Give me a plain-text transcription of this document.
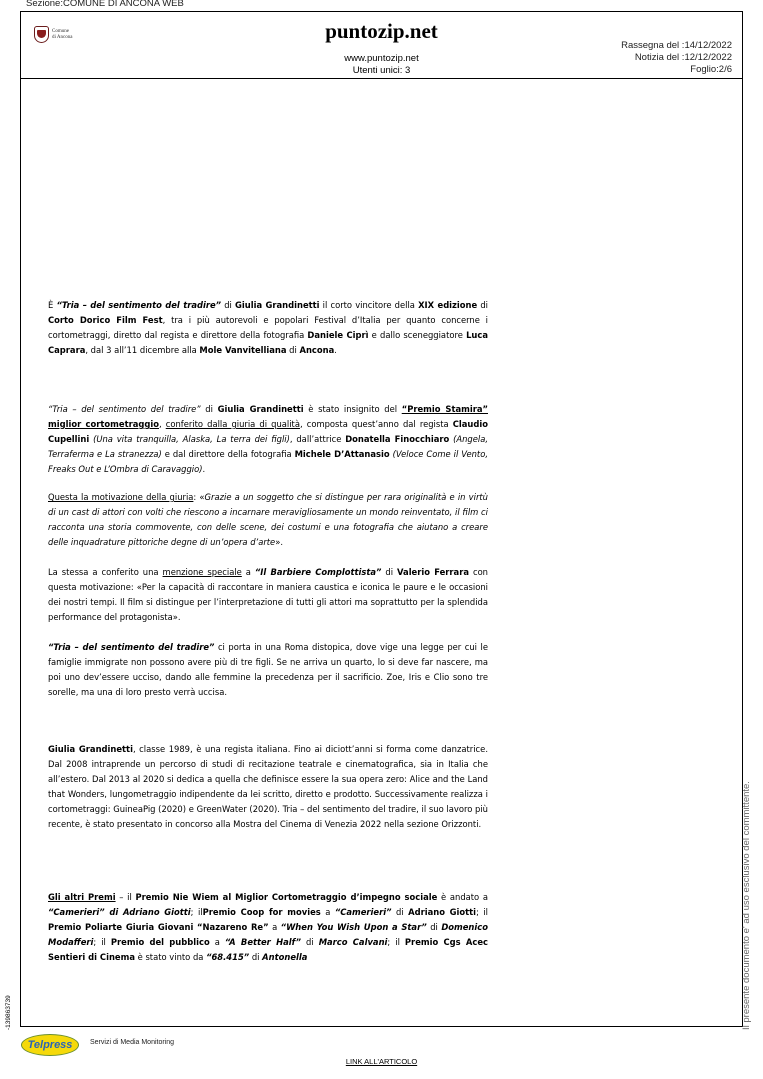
Sezione:COMUNE DI ANCONA WEB
Comune
di Ancona	puntozip.net
www.puntozip.net
Utenti unici: 3
Rassegna del :14/12/2022
Notizia del :12/12/2022
Foglio:2/6

È “Tria – del sentimento del tradire” di Giulia Grandinetti il corto vincitore della XIX edizione di Corto Dorico Film Fest, tra i più autorevoli e popolari Festival d’Italia per quanto concerne i cortometraggi, diretto dal regista e direttore della fotografia Daniele Ciprì e dallo sceneggiatore Luca Caprara, dal 3 all’11 dicembre alla Mole Vanvitelliana di Ancona.

“Tria – del sentimento del tradire” di Giulia Grandinetti è stato insignito del “Premio Stamira” miglior cortometraggio, conferito dalla giuria di qualità, composta quest’anno dal regista Claudio Cupellini (Una vita tranquilla, Alaska, La terra dei figli), dall’attrice Donatella Finocchiaro (Angela, Terraferma e La stranezza) e dal direttore della fotografia Michele D’Attanasio (Veloce Come il Vento, Freaks Out e L’Ombra di Caravaggio).

Questa la motivazione della giuria: «Grazie a un soggetto che si distingue per rara originalità e in virtù di un cast di attori con volti che riescono a incarnare meravigliosamente un mondo reinventato, il film ci racconta una storia commovente, con delle scene, dei costumi e una fotografia che aiutano a creare delle inquadrature pittoriche degne di un’opera d’arte».

La stessa a conferito una menzione speciale a “Il Barbiere Complottista” di Valerio Ferrara con questa motivazione: «Per la capacità di raccontare in maniera caustica e iconica le paure e le occasioni dei nostri tempi. Il film si distingue per l’interpretazione di tutti gli attori ma soprattutto per la splendida performance del protagonista».

“Tria – del sentimento del tradire” ci porta in una Roma distopica, dove vige una legge per cui le famiglie immigrate non possono avere più di tre figli. Se ne arriva un quarto, lo si deve far nascere, ma poi uno dev’essere ucciso, dando alle femmine la precedenza per il sacrificio. Zoe, Iris e Clio sono tre sorelle, ma una di loro presto verrà uccisa.

Giulia Grandinetti, classe 1989, è una regista italiana. Fino ai diciott’anni si forma come danzatrice. Dal 2008 intraprende un percorso di studi di recitazione teatrale e cinematografica, sia in Italia che all’estero. Dal 2013 al 2020 si dedica a quella che definisce essere la sua opera zero: Alice and the Land that Wonders, lungometraggio indipendente da lei scritto, diretto e prodotto. Successivamente realizza i cortometraggi: GuineaPig (2020) e GreenWater (2020). Tria – del sentimento del tradire, il suo lavoro più recente, è stato presentato in concorso alla Mostra del Cinema di Venezia 2022 nella sezione Orizzonti.

Gli altri Premi – il Premio Nie Wiem al Miglior Cortometraggio d’impegno sociale è andato a “Camerieri” di Adriano Giotti; ilPremio Coop for movies a “Camerieri” di Adriano Giotti; il Premio Poliarte Giuria Giovani “Nazareno Re” a “When You Wish Upon a Star” di Domenico Modafferi; il Premio del pubblico a “A Better Half” di Marco Calvani; il Premio Cgs Acec Sentieri di Cinema è stato vinto da “68.415” di Antonella	Il presente documento e' ad uso esclusivo del committente.
-139863739
Telpress	Servizi di Media Monitoring
LINK ALL'ARTICOLO
